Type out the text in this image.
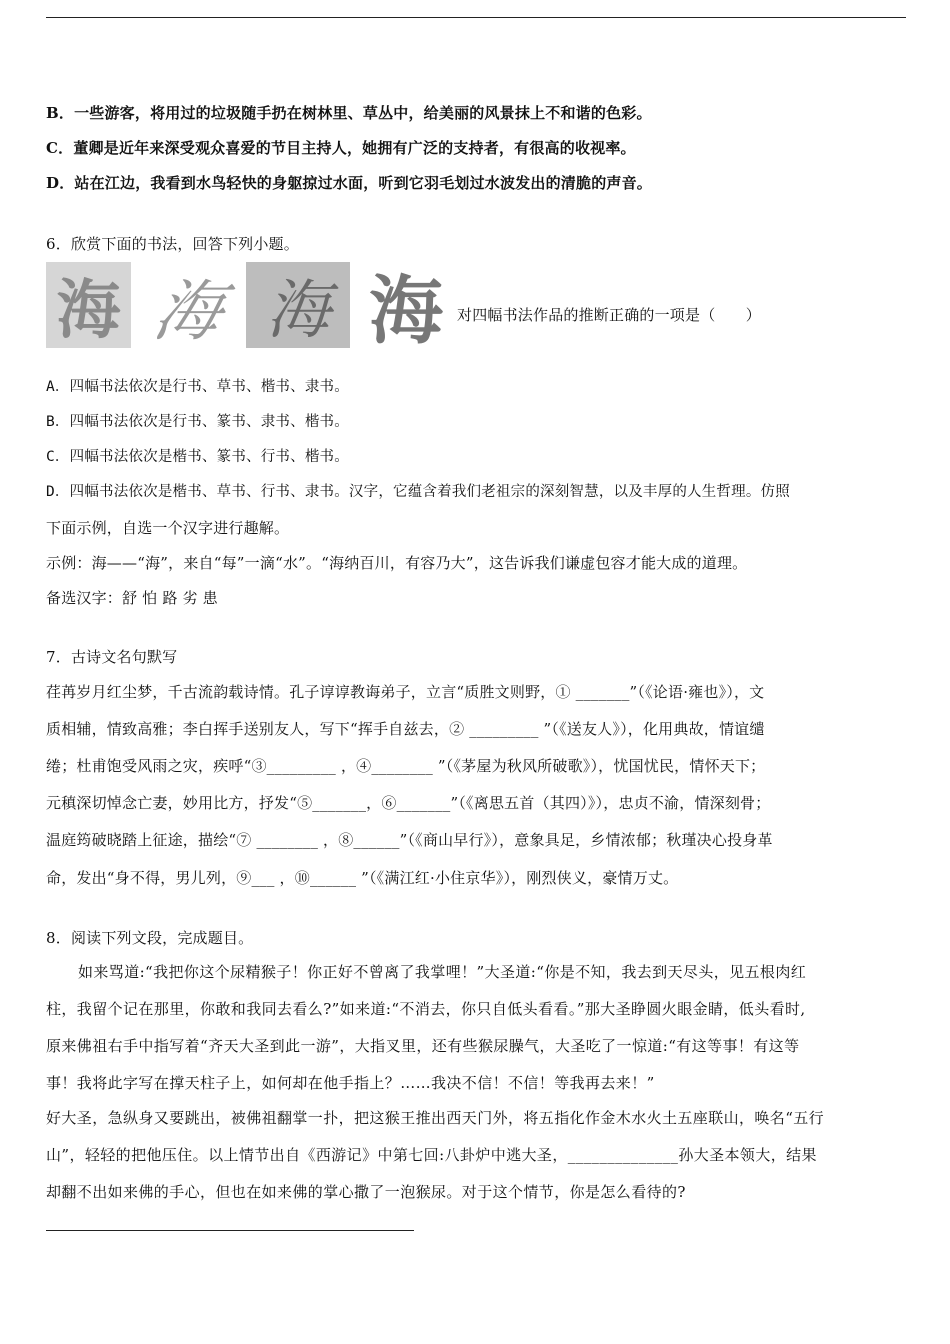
B．一些游客，将用过的垃圾随手扔在树林里、草丛中，给美丽的风景抹上不和谐的色彩。
C．董卿是近年来深受观众喜爱的节目主持人，她拥有广泛的支持者，有很高的收视率。
D．站在江边，我看到水鸟轻快的身躯掠过水面，听到它羽毛划过水波发出的清脆的声音。
6．欣赏下面的书法，回答下列小题。
海 海 海 海 对四幅书法作品的推断正确的一项是（　　）
A．四幅书法依次是行书、草书、楷书、隶书。
B．四幅书法依次是行书、篆书、隶书、楷书。
C．四幅书法依次是楷书、篆书、行书、楷书。
D．四幅书法依次是楷书、草书、行书、隶书。汉字，它蕴含着我们老祖宗的深刻智慧，以及丰厚的人生哲理。仿照
下面示例，自选一个汉字进行趣解。
示例：海——“海”，来自“每”一滴“水”。“海纳百川，有容乃大”，这告诉我们谦虚包容才能大成的道理。
备选汉字：舒 怕 路 劣 患
7．古诗文名句默写
荏苒岁月红尘梦，千古流韵载诗情。孔子谆谆教诲弟子，立言“质胜文则野，① _______”（《论语·雍也》），文
质相辅，情致高雅；李白挥手送别友人，写下“挥手自兹去，② _________ ”（《送友人》），化用典故，情谊缱
绻；杜甫饱受风雨之灾，疾呼“③_________ ，④________ ”（《茅屋为秋风所破歌》），忧国忧民，情怀天下；
元稹深切悼念亡妻，妙用比方，抒发“⑤_______，⑥_______”（《离思五首（其四）》），忠贞不渝，情深刻骨；
温庭筠破晓踏上征途，描绘“⑦ ________ ，⑧______”（《商山早行》），意象具足，乡情浓郁；秋瑾决心投身革
命，发出“身不得，男儿列，⑨___ ，⑩______ ”（《满江红·小住京华》），刚烈侠义，豪情万丈。
8．阅读下列文段，完成题目。
如来骂道:“我把你这个尿精猴子！你正好不曾离了我掌哩！”大圣道:“你是不知，我去到天尽头，见五根肉红
柱，我留个记在那里，你敢和我同去看么?”如来道:“不消去，你只自低头看看。”那大圣睁圆火眼金睛，低头看时,
原来佛祖右手中指写着“齐天大圣到此一游”，大指叉里，还有些猴尿臊气，大圣吃了一惊道:“有这等事！有这等
事！我将此字写在撑天柱子上，如何却在他手指上？……我决不信！不信！等我再去来！”
好大圣，急纵身又要跳出，被佛祖翻掌一扑，把这猴王推出西天门外，将五指化作金木水火土五座联山，唤名“五行
山”，轻轻的把他压住。以上情节出自《西游记》中第七回:八卦炉中逃大圣，______________孙大圣本领大，结果
却翻不出如来佛的手心，但也在如来佛的掌心撒了一泡猴尿。对于这个情节，你是怎么看待的?
